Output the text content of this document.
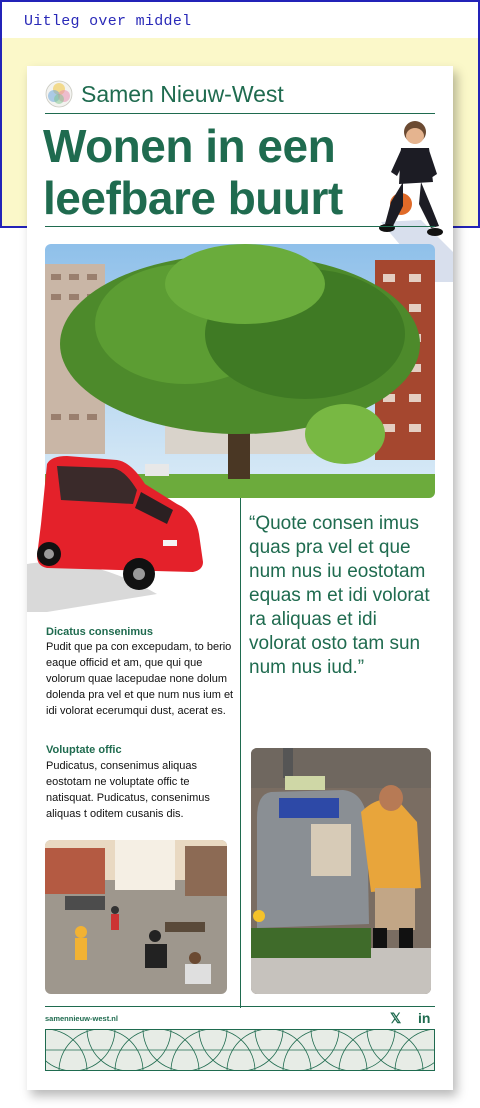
Uitleg over middel
Samen Nieuw-West
Wonen in een
leefbare buurt

“Quote consen imus quas pra vel et que num nus iu eostotam equas m et idi volorat ra aliquas et idi volorat osto tam sun num nus iud.”

Dicatus consenimus

Pudit que pa con excepudam, to berio eaque officid et am, que qui que volorum quae lacepudae none dolum dolenda pra vel et que num nus ium et idi volorat ecerumqui dust, acerat es.

Voluptate offic

Pudicatus, consenimus aliquas eostotam ne voluptate offic te natisquat. Pudicatus, consenimus aliquas t oditem cusanis dis.

samennieuw-west.nl	𝕏 in
